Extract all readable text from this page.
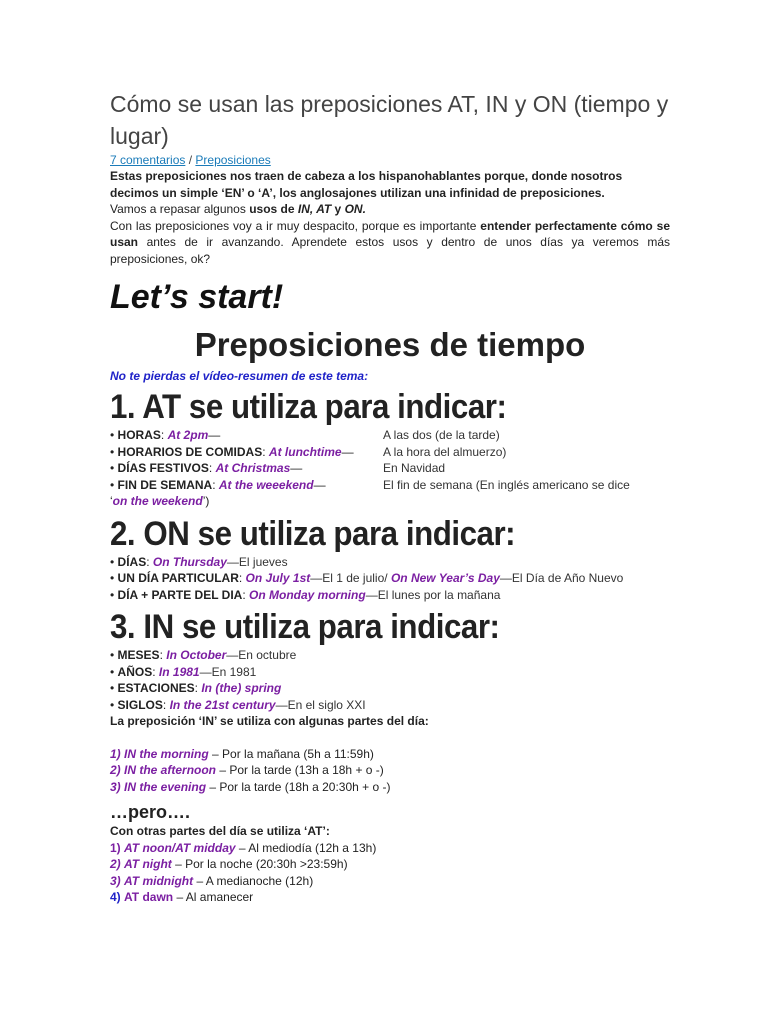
Cómo se usan las preposiciones AT, IN y ON (tiempo y lugar)
7 comentarios / Preposiciones

Estas preposiciones nos traen de cabeza a los hispanohablantes porque, donde nosotros decimos un simple ‘EN’ o ‘A’, los anglosajones utilizan una infinidad de preposiciones.

Vamos a repasar algunos usos de IN, AT y ON.

Con las preposiciones voy a ir muy despacito, porque es importante entender perfectamente cómo se usan antes de ir avanzando. Aprendete estos usos y dentro de unos días ya veremos más preposiciones, ok?

Let’s start!
Preposiciones de tiempo
No te pierdas el vídeo-resumen de este tema:
1. AT se utiliza para indicar:
• HORAS: At 2pm—	A las dos (de la tarde)
• HORARIOS DE COMIDAS: At lunchtime— A la hora del almuerzo)
• DÍAS FESTIVOS: At Christmas—	En Navidad
• FIN DE SEMANA: At the weeekend—	El fin de semana (En inglés americano se dice
‘on the weekend’)
2. ON se utiliza para indicar:
• DÍAS: On Thursday—El jueves
• UN DÍA PARTICULAR: On July 1st—El 1 de julio/ On New Year’s Day—El Día de Año Nuevo
• DÍA + PARTE DEL DIA: On Monday morning—El lunes por la mañana
3. IN se utiliza para indicar:
• MESES: In October—En octubre
• AÑOS: In 1981—En 1981
• ESTACIONES: In (the) spring
• SIGLOS: In the 21st century—En el siglo XXI
La preposición ‘IN’ se utiliza con algunas partes del día:
1) IN the morning – Por la mañana (5h a 11:59h)
2) IN the afternoon – Por la tarde (13h a 18h + o -)
3) IN the evening – Por la tarde (18h a 20:30h + o -)
…pero….
Con otras partes del día se utiliza ‘AT’:
1) AT noon/AT midday – Al mediodía (12h a 13h)
2) AT night – Por la noche (20:30h >23:59h)
3) AT midnight – A medianoche (12h)
4) AT dawn – Al amanecer
